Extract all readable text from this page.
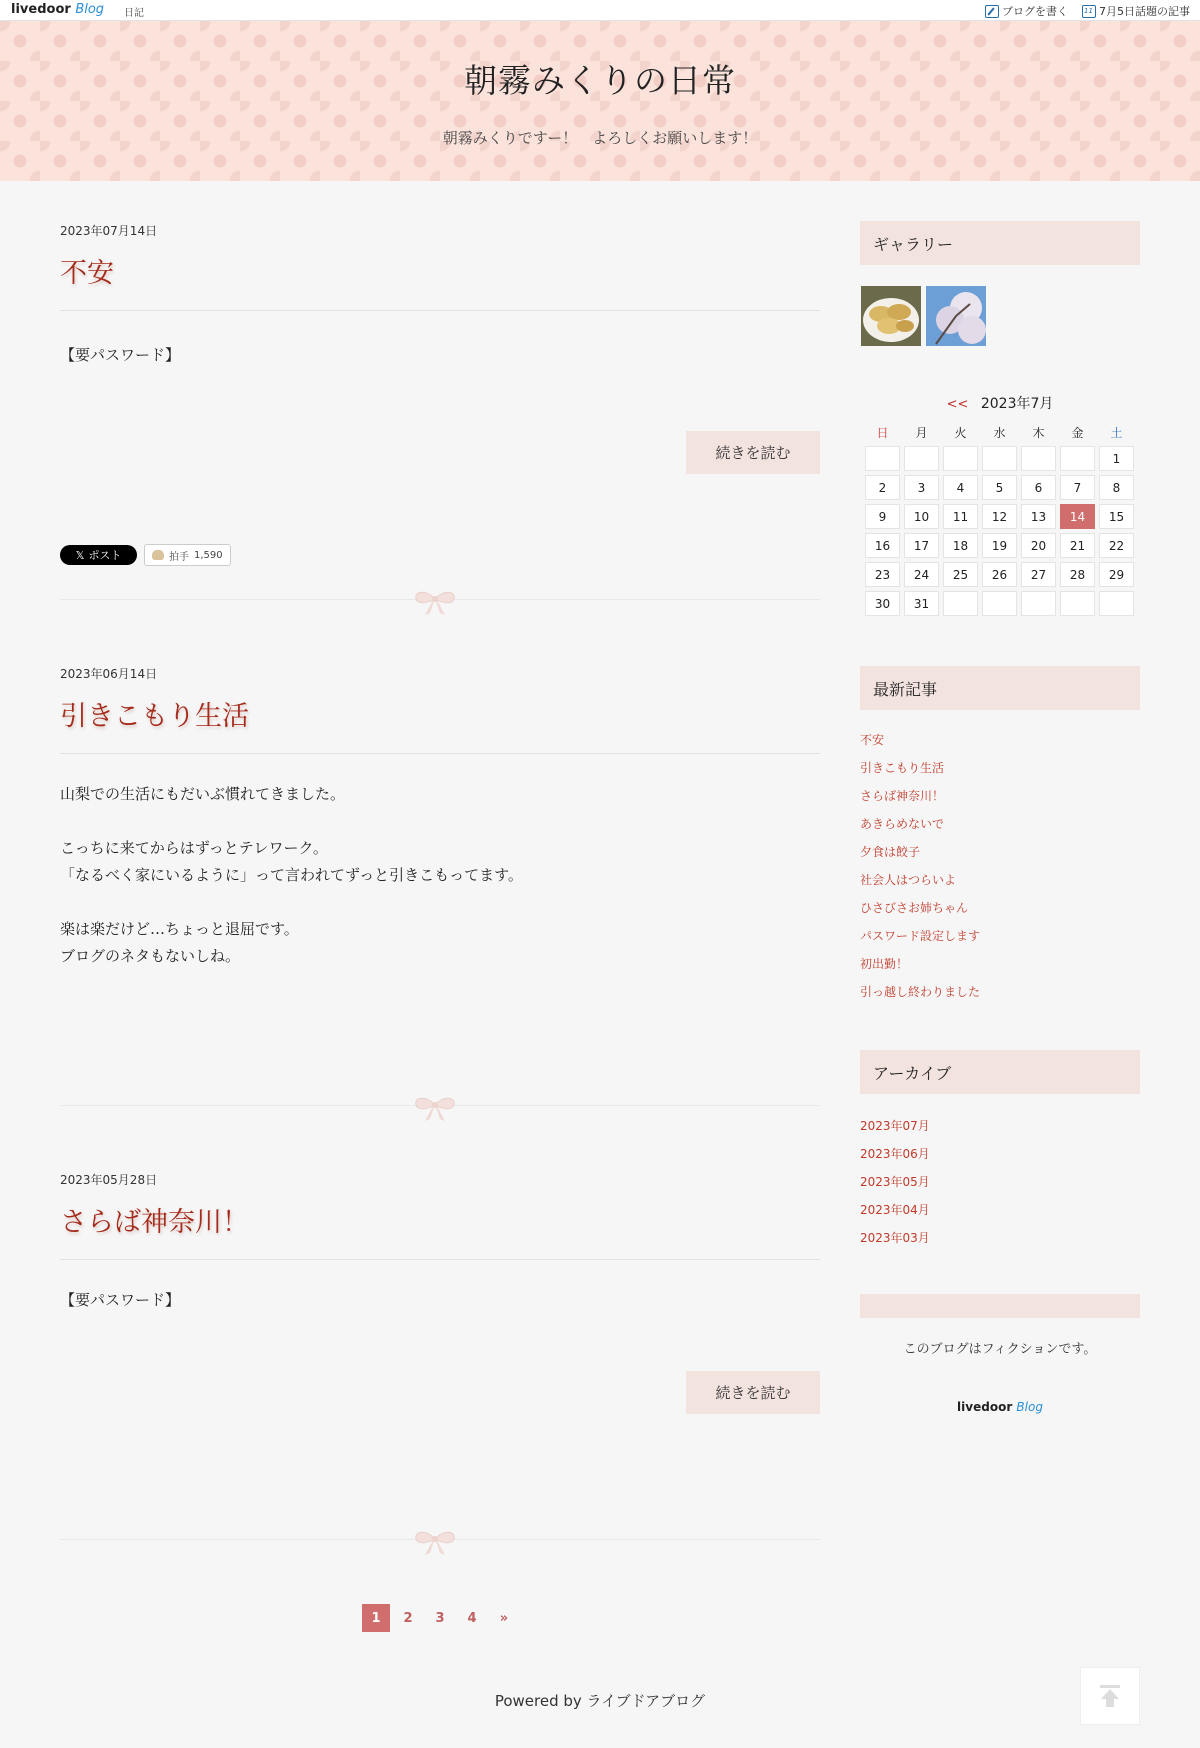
livedoor Blog 日記	ブログを書く 11	7月5日話題の記事
朝霧みくりの日常
朝霧みくりですー！　よろしくお願いします！
2023年07月14日
不安
【要パスワード】
続きを読む
𝕏 ポスト	拍手 1,590
2023年06月14日
引きこもり生活
山梨での生活にもだいぶ慣れてきました。
こっちに来てからはずっとテレワーク。
「なるべく家にいるように」って言われてずっと引きこもってます。
楽は楽だけど…ちょっと退屈です。
ブログのネタもないしね。
2023年05月28日
さらば神奈川！
【要パスワード】
続きを読む
1	2	3	4	»
Powered by ライブドアブログ
ギャラリー
<< 2023年7月
日	月	火	水	木	金	土
						1
2	3	4	5	6	7	8
9	10	11	12	13	14	15
16	17	18	19	20	21	22
23	24	25	26	27	28	29
30	31					
最新記事
不安
引きこもり生活
さらば神奈川！
あきらめないで
夕食は餃子
社会人はつらいよ
ひさびさお姉ちゃん
パスワード設定します
初出勤！
引っ越し終わりました
アーカイブ
2023年07月
2023年06月
2023年05月
2023年04月
2023年03月
このブログはフィクションです。
livedoor Blog
